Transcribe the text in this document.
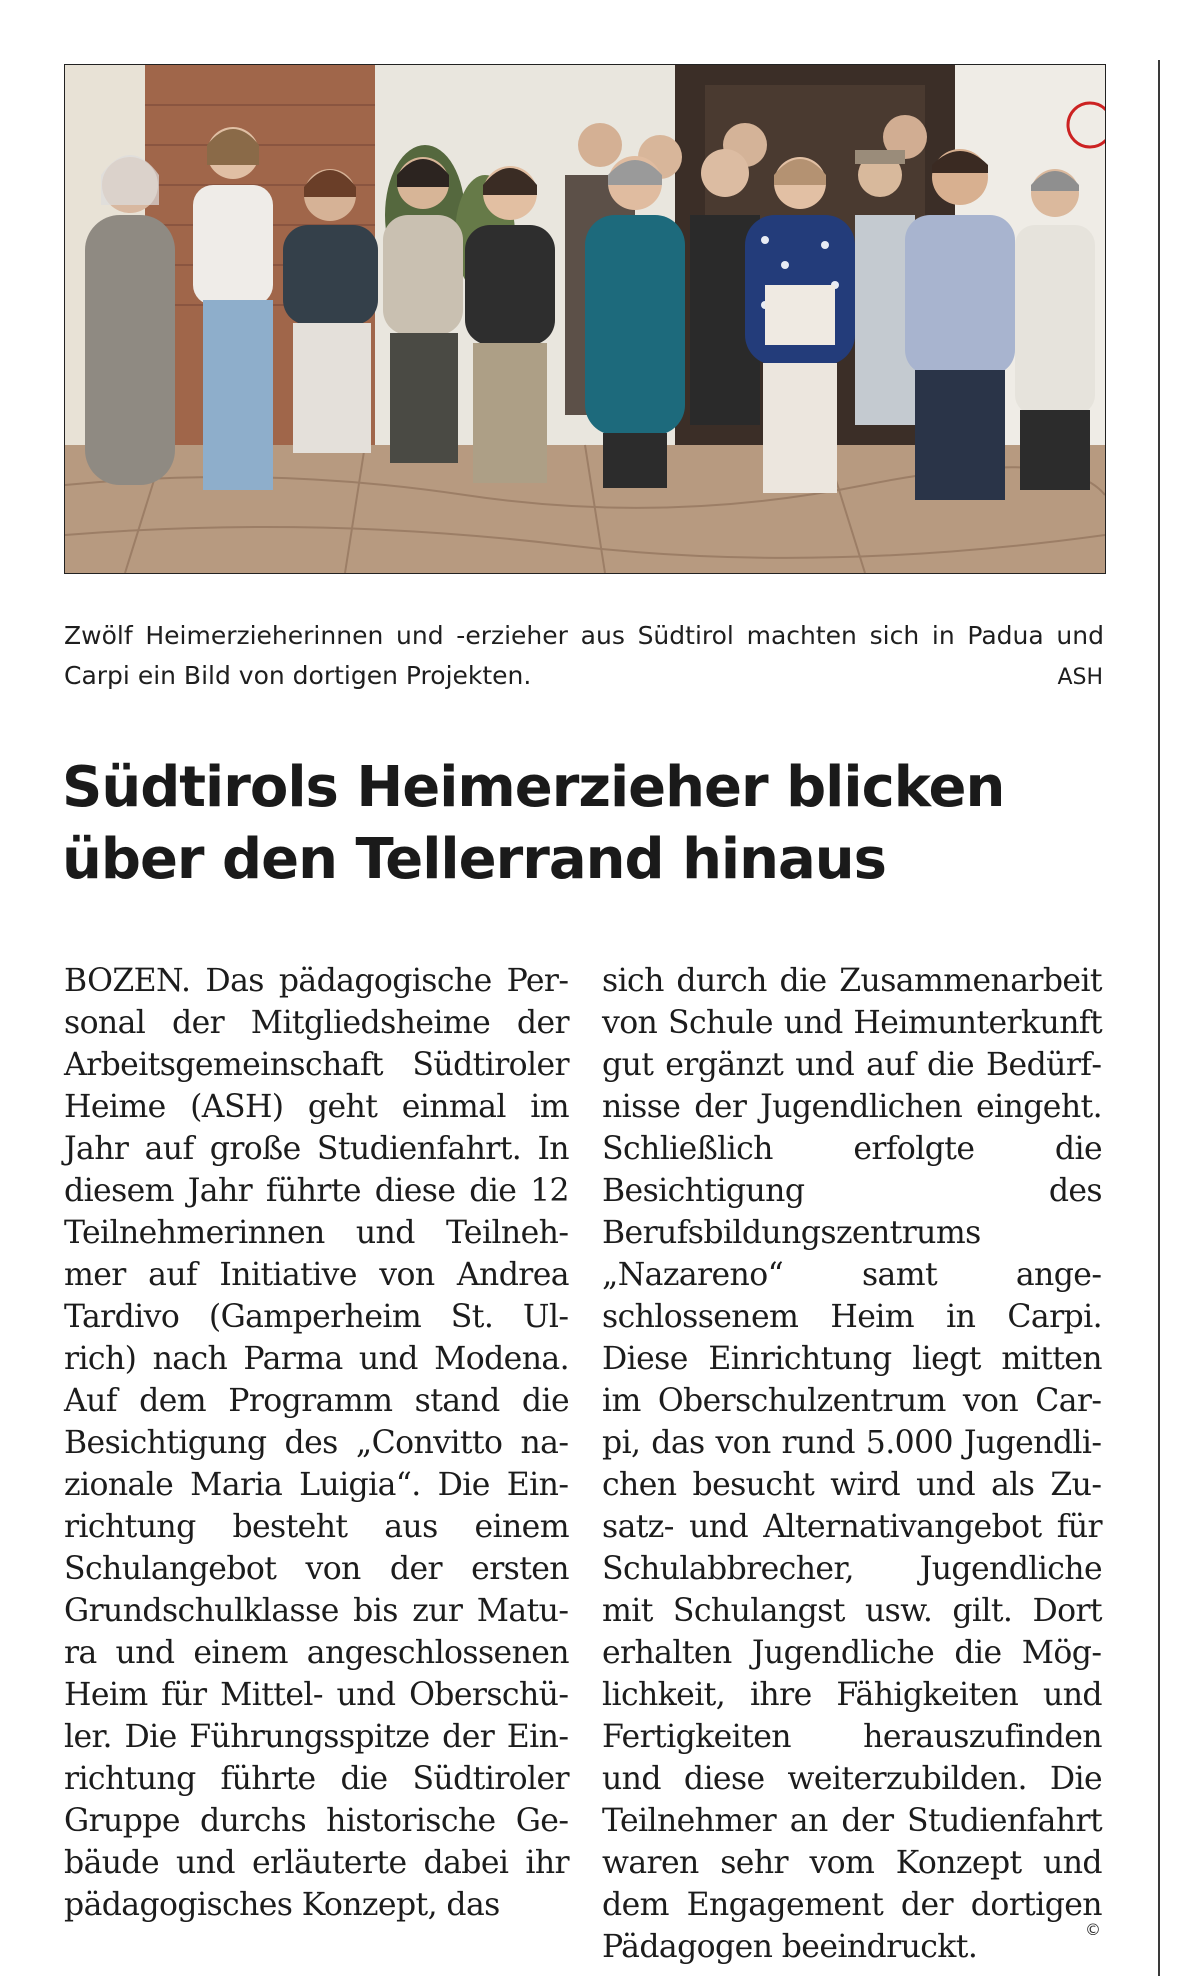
Zwölf Heimerzieherinnen und -erzieher aus Südtirol machten sich in Padua und Carpi ein Bild von dortigen Projekten.	ASH
Südtirols Heimerzieher blicken
über den Tellerrand hinaus
BOZEN. Das pädagogische Personal der Mitgliedsheime der Arbeitsgemeinschaft Südtiroler Heime (ASH) geht einmal im Jahr auf große Studienfahrt. In diesem Jahr führte diese die 12 Teilnehmerinnen und Teilnehmer auf Initiative von Andrea Tardivo (Gamperheim St. Ulrich) nach Parma und Modena. Auf dem Programm stand die Besichtigung des „Convitto nazionale Maria Luigia“. Die Einrichtung besteht aus einem Schulangebot von der ersten Grundschulklasse bis zur Matura und einem angeschlossenen Heim für Mittel- und Oberschüler. Die Führungsspitze der Einrichtung führte die Südtiroler Gruppe durchs historische Gebäude und erläuterte dabei ihr pädagogisches Konzept, das
sich durch die Zusammenarbeit von Schule und Heimunterkunft gut ergänzt und auf die Bedürfnisse der Jugendlichen eingeht. Schließlich erfolgte die Besichtigung des Berufsbildungszentrums „Nazareno“ samt angeschlossenem Heim in Carpi. Diese Einrichtung liegt mitten im Oberschulzentrum von Carpi, das von rund 5.000 Jugendlichen besucht wird und als Zusatz- und Alternativangebot für Schulabbrecher, Jugendliche mit Schulangst usw. gilt. Dort erhalten Jugendliche die Möglichkeit, ihre Fähigkeiten und Fertigkeiten herauszufinden und diese weiterzubilden. Die Teilnehmer an der Studienfahrt waren sehr vom Konzept und dem Engagement der dortigen Pädagogen beeindruckt.	©
